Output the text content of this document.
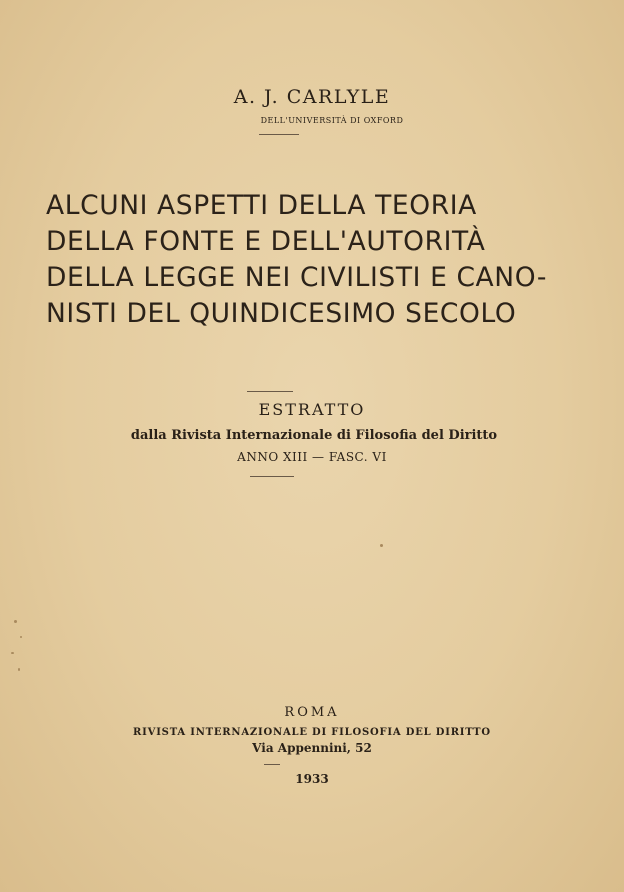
A. J. CARLYLE
DELL'UNIVERSITÀ DI OXFORD
ALCUNI ASPETTI DELLA TEORIA
DELLA FONTE E DELL'AUTORITÀ
DELLA LEGGE NEI CIVILISTI E CANO-
NISTI DEL QUINDICESIMO SECOLO
ESTRATTO
dalla Rivista Internazionale di Filosofia del Diritto
ANNO XIII — FASC. VI
ROMA
RIVISTA INTERNAZIONALE DI FILOSOFIA DEL DIRITTO
Via Appennini, 52
1933
